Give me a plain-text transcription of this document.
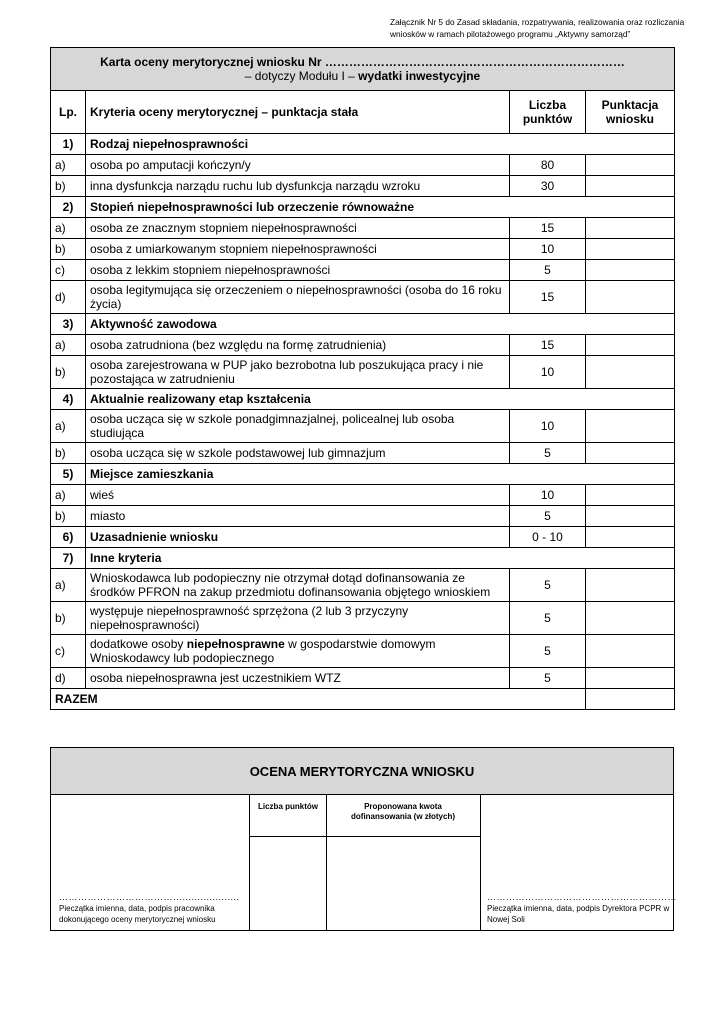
Załącznik Nr 5 do Zasad składania, rozpatrywania, realizowania oraz rozliczania
wniosków w ramach pilotażowego programu „Aktywny samorząd”
Karta oceny merytorycznej wniosku Nr …………………………………………………………………
– dotyczy Modułu I – wydatki inwestycyjne			
Lp.	Kryteria oceny merytorycznej – punktacja stała	Liczba punktów	Punktacja wniosku
1)	Rodzaj niepełnosprawności		
a)	osoba po amputacji kończyn/y	80	
b)	inna dysfunkcja narządu ruchu lub dysfunkcja narządu wzroku	30	
2)	Stopień niepełnosprawności lub orzeczenie równoważne		
a)	osoba ze znacznym stopniem niepełnosprawności	15	
b)	osoba z umiarkowanym stopniem niepełnosprawności	10	
c)	osoba z lekkim stopniem niepełnosprawności	5	
d)	osoba legitymująca się orzeczeniem o niepełnosprawności (osoba do 16 roku życia)	15	
3)	Aktywność zawodowa		
a)	osoba zatrudniona (bez względu na formę zatrudnienia)	15	
b)	osoba zarejestrowana w PUP jako bezrobotna lub poszukująca pracy i nie pozostająca w zatrudnieniu	10	
4)	Aktualnie realizowany etap kształcenia		
a)	osoba ucząca się w szkole ponadgimnazjalnej, policealnej lub osoba studiująca	10	
b)	osoba ucząca się w szkole podstawowej lub gimnazjum	5	
5)	Miejsce zamieszkania		
a)	wieś	10	
b)	miasto	5	
6)	Uzasadnienie wniosku	0 - 10	
7)	Inne kryteria		
a)	Wnioskodawca lub podopieczny nie otrzymał dotąd dofinansowania ze środków PFRON na zakup przedmiotu dofinansowania objętego wnioskiem	5	
b)	występuje niepełnosprawność sprzężona (2 lub 3 przyczyny niepełnosprawności)	5	
c)	dodatkowe osoby niepełnosprawne w gospodarstwie domowym Wnioskodawcy lub podopiecznego	5	
d)	osoba niepełnosprawna jest uczestnikiem WTZ	5	
RAZEM			
OCENA MERYTORYCZNA WNIOSKU
Liczba punktów	Proponowana kwota dofinansowania (w złotych)
…………………………………...................
Pieczątka imienna, data, podpis pracownika dokonującego oceny merytorycznej wniosku
……………………………………………………
Pieczątka imienna, data, podpis Dyrektora PCPR w Nowej Soli
